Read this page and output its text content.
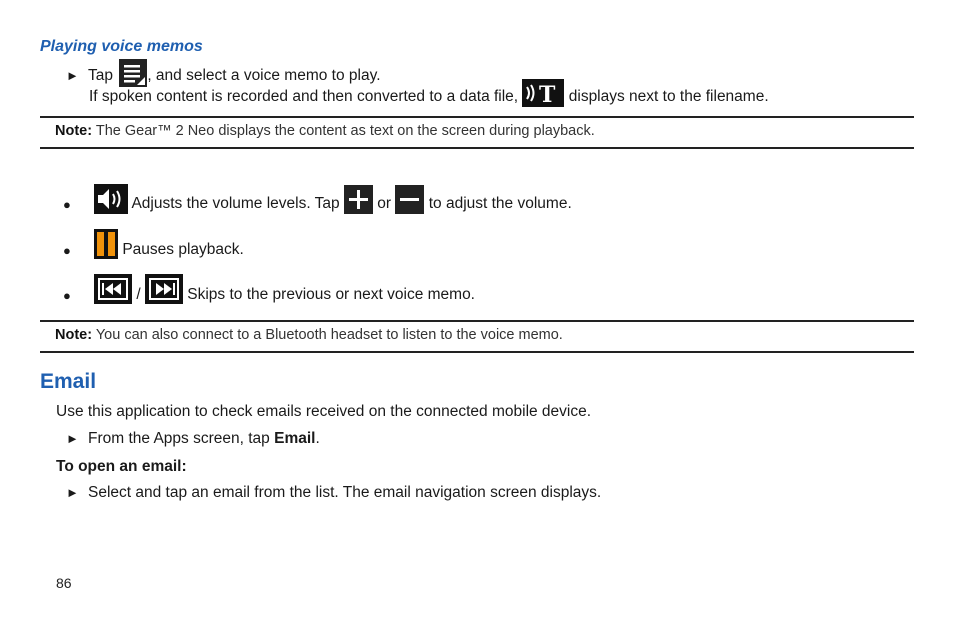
Playing voice memos
► Tap , and select a voice memo to play.
If spoken content is recorded and then converted to a data file, T displays next to the filename.
Note: The Gear™ 2 Neo displays the content as text on the screen during playback.
●	Adjusts the volume levels. Tap or to adjust the volume.
●	Pauses playback.
●	/	Skips to the previous or next voice memo.
Note: You can also connect to a Bluetooth headset to listen to the voice memo.
Email
Use this application to check emails received on the connected mobile device.
► From the Apps screen, tap Email.
To open an email:
► Select and tap an email from the list. The email navigation screen displays.
86
